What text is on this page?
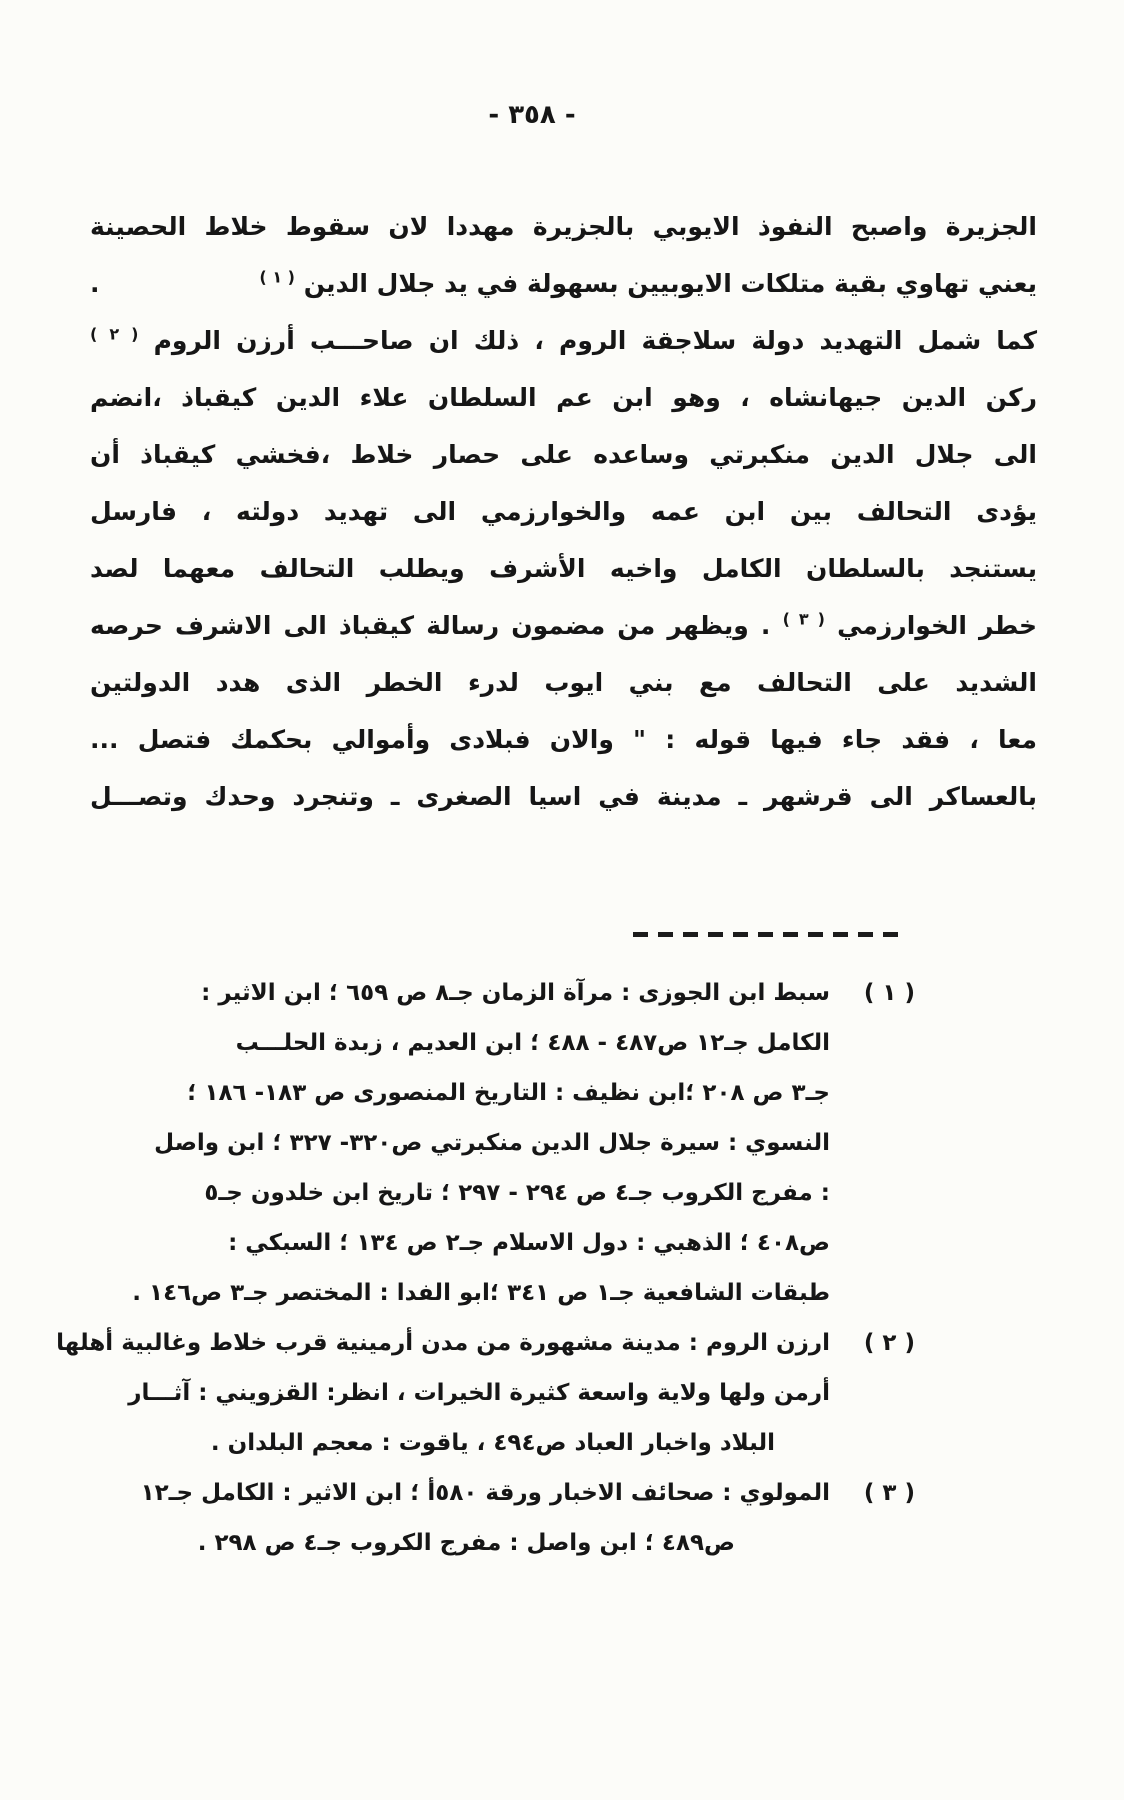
- ٣٥٨ -
الجزيرة واصبح النفوذ الايوبي بالجزيرة مهددا لان سقوط خلاط الحصينة
يعني تهاوي بقية متلكات الايوبيين بسهولة في يد جلال الدين $^{( ١ )}$
.
كما شمل التهديد دولة سلاجقة الروم ، ذلك ان صاحـــب أرزن الروم $^{( ٢ )}$
ركن الدين جيهانشاه ، وهو ابن عم السلطان علاء الدين كيقباذ ،انضم
الى جلال الدين منكبرتي وساعده على حصار خلاط ،فخشي كيقباذ أن
يؤدى التحالف بين ابن عمه والخوارزمي الى تهديد دولته ، فارسل
يستنجد بالسلطان الكامل واخيه الأشرف ويطلب التحالف معهما لصد
خطر الخوارزمي $^{( ٣ )}$ . ويظهر من مضمون رسالة كيقباذ الى الاشرف حرصه
الشديد على التحالف مع بني ايوب لدرء الخطر الذى هدد الدولتين
معا ، فقد جاء فيها قوله : " والان فبلادى وأموالي بحكمك فتصل ...
بالعساكر الى قرشهر ـ مدينة في اسيا الصغرى ـ وتنجرد وحدك وتصـــل
( ١ )
سبط ابن الجوزى : مرآة الزمان جـ٨ ص ٦٥٩ ؛ ابن الاثير :
الكامل جـ١٢ ص٤٨٧ - ٤٨٨ ؛ ابن العديم ، زبدة الحلـــب
جـ٣ ص ٢٠٨ ؛ابن نظيف : التاريخ المنصورى ص ١٨٣- ١٨٦ ؛
النسوي : سيرة جلال الدين منكبرتي ص٣٢٠- ٣٢٧ ؛ ابن واصل
: مفرج الكروب جـ٤ ص ٢٩٤ - ٢٩٧ ؛ تاريخ ابن خلدون جـ٥
ص٤٠٨ ؛ الذهبي : دول الاسلام جـ٢ ص ١٣٤ ؛ السبكي :
طبقات الشافعية جـ١ ص ٣٤١ ؛ابو الفدا : المختصر جـ٣ ص١٤٦ .
( ٢ )
ارزن الروم : مدينة مشهورة من مدن أرمينية قرب خلاط وغالبية أهلها
أرمن ولها ولاية واسعة كثيرة الخيرات ، انظر: القزويني : آثـــار
البلاد واخبار العباد ص٤٩٤ ، ياقوت : معجم البلدان .
( ٣ )
المولوي : صحائف الاخبار ورقة ٥٨٠أ ؛ ابن الاثير : الكامل جـ١٢
ص٤٨٩ ؛ ابن واصل : مفرج الكروب جـ٤ ص ٢٩٨ .
